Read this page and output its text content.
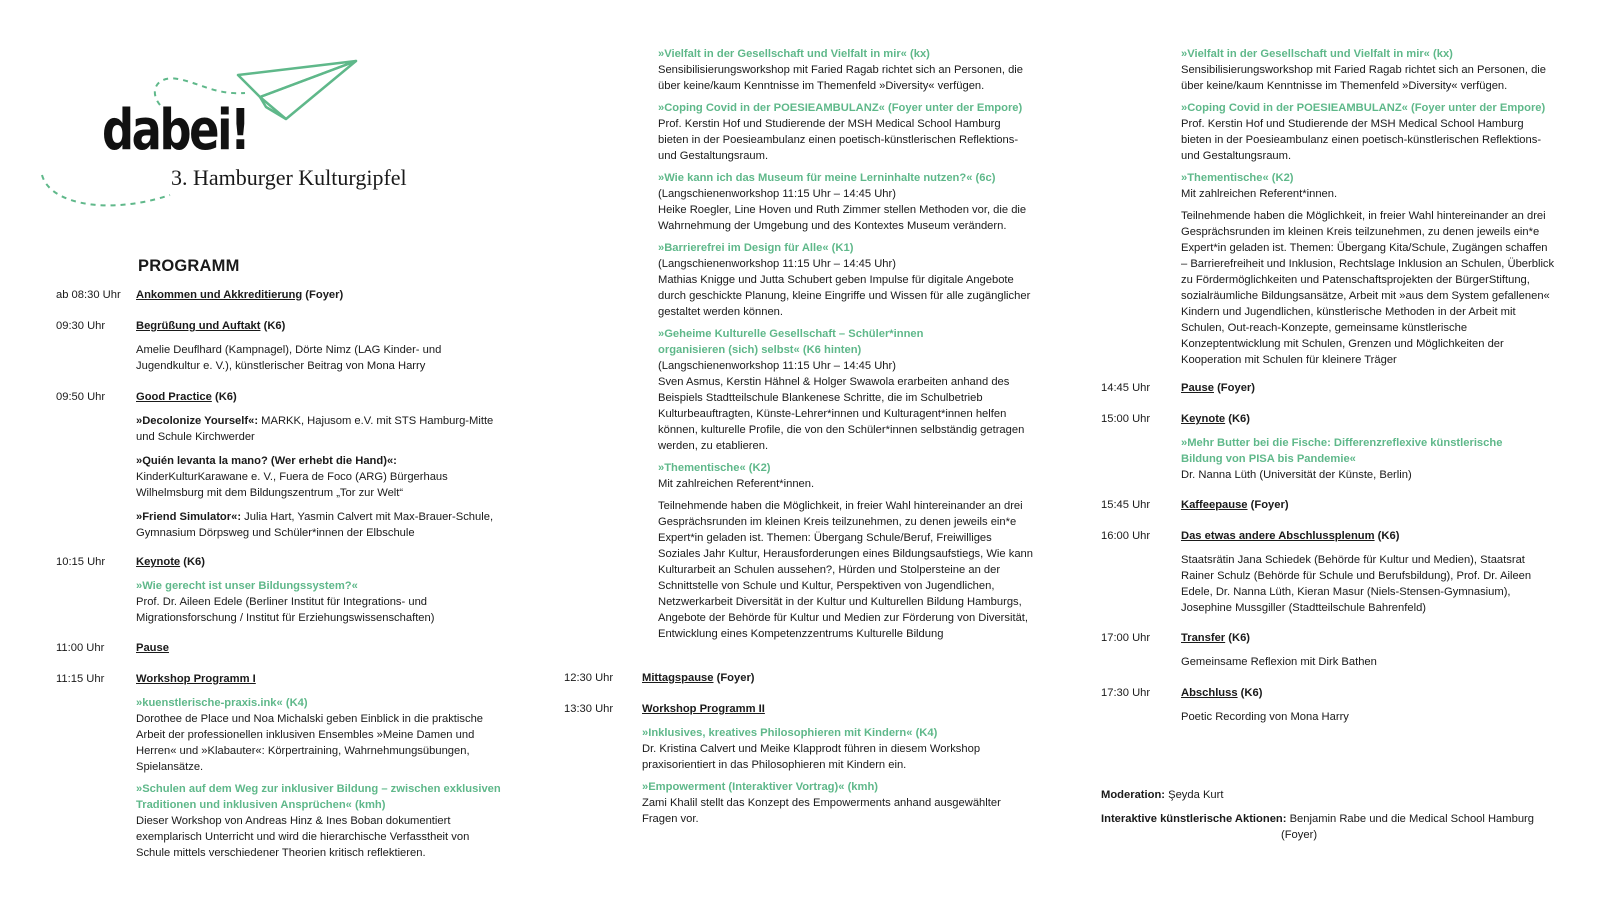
dabei!
3. Hamburger Kulturgipfel
PROGRAMM
ab 08:30 Uhr	Ankommen und Akkreditierung (Foyer)
09:30 Uhr	Begrüßung und Auftakt (K6)

Amelie Deuflhard (Kampnagel), Dörte Nimz (LAG Kinder- und Jugendkultur e. V.), künstlerischer Beitrag von Mona Harry

09:50 Uhr	Good Practice (K6)

»Decolonize Yourself«: MARKK, Hajusom e.V. mit STS Hamburg-Mitte und Schule Kirchwerder

»Quién levanta la mano? (Wer erhebt die Hand)«: KinderKulturKarawane e. V., Fuera de Foco (ARG) Bürgerhaus Wilhelmsburg mit dem Bildungszentrum „Tor zur Welt“

»Friend Simulator«: Julia Hart, Yasmin Calvert mit Max-Brauer-Schule, Gymnasium Dörpsweg und Schüler*innen der Elbschule

10:15 Uhr	Keynote (K6)

»Wie gerecht ist unser Bildungssystem?«

Prof. Dr. Aileen Edele (Berliner Institut für Integrations- und Migrationsforschung / Institut für Erziehungswissenschaften)

11:00 Uhr	Pause
11:15 Uhr	Workshop Programm I

»kuenstlerische-praxis.ink« (K4)

Dorothee de Place und Noa Michalski geben Einblick in die praktische Arbeit der professionellen inklusiven Ensembles »Meine Damen und Herren« und »Klabauter«: Körpertraining, Wahrnehmungsübungen, Spielansätze.

»Schulen auf dem Weg zur inklusiver Bildung – zwischen exklusiven Traditionen und inklusiven Ansprüchen« (kmh)

Dieser Workshop von Andreas Hinz & Ines Boban dokumentiert exemplarisch Unterricht und wird die hierarchische Verfasstheit von Schule mittels verschiedener Theorien kritisch reflektieren.

»Vielfalt in der Gesellschaft und Vielfalt in mir« (kx)

Sensibilisierungsworkshop mit Faried Ragab richtet sich an Personen, die über keine/kaum Kenntnisse im Themenfeld »Diversity« verfügen.

»Coping Covid in der POESIEAMBULANZ« (Foyer unter der Empore)

Prof. Kerstin Hof und Studierende der MSH Medical School Hamburg bieten in der Poesieambulanz einen poetisch-künstlerischen Reflektions- und Gestaltungsraum.

»Wie kann ich das Museum für meine Lerninhalte nutzen?« (6c)

(Langschienenworkshop 11:15 Uhr – 14:45 Uhr)

Heike Roegler, Line Hoven und Ruth Zimmer stellen Methoden vor, die die Wahrnehmung der Umgebung und des Kontextes Museum verändern.

»Barrierefrei im Design für Alle« (K1)

(Langschienenworkshop 11:15 Uhr – 14:45 Uhr)

Mathias Knigge und Jutta Schubert geben Impulse für digitale Angebote durch geschickte Planung, kleine Eingriffe und Wissen für alle zugänglicher gestaltet werden können.

»Geheime Kulturelle Gesellschaft – Schüler*innen organisieren (sich) selbst« (K6 hinten)

(Langschienenworkshop 11:15 Uhr – 14:45 Uhr)

Sven Asmus, Kerstin Hähnel & Holger Swawola erarbeiten anhand des Beispiels Stadtteilschule Blankenese Schritte, die im Schulbetrieb Kulturbeauftragten, Künste-Lehrer*innen und Kulturagent*innen helfen können, kulturelle Profile, die von den Schüler*innen selbständig getragen werden, zu etablieren.

»Thementische« (K2)

Mit zahlreichen Referent*innen.

Teilnehmende haben die Möglichkeit, in freier Wahl hintereinander an drei Gesprächsrunden im kleinen Kreis teilzunehmen, zu denen jeweils ein*e Expert*in geladen ist. Themen: Übergang Schule/Beruf, Freiwilliges Soziales Jahr Kultur, Herausforderungen eines Bildungsaufstiegs, Wie kann Kulturarbeit an Schulen aussehen?, Hürden und Stolpersteine an der Schnittstelle von Schule und Kultur, Perspektiven von Jugendlichen, Netzwerkarbeit Diversität in der Kultur und Kulturellen Bildung Hamburgs, Angebote der Behörde für Kultur und Medien zur Förderung von Diversität, Entwicklung eines Kompetenzzentrums Kulturelle Bildung

12:30 Uhr	Mittagspause (Foyer)
13:30 Uhr	Workshop Programm II

»Inklusives, kreatives Philosophieren mit Kindern« (K4)

Dr. Kristina Calvert und Meike Klapprodt führen in diesem Workshop praxisorientiert in das Philosophieren mit Kindern ein.

»Empowerment (Interaktiver Vortrag)« (kmh)

Zami Khalil stellt das Konzept des Empowerments anhand ausgewählter Fragen vor.

»Vielfalt in der Gesellschaft und Vielfalt in mir« (kx)

Sensibilisierungsworkshop mit Faried Ragab richtet sich an Personen, die über keine/kaum Kenntnisse im Themenfeld »Diversity« verfügen.

»Coping Covid in der POESIEAMBULANZ« (Foyer unter der Empore)

Prof. Kerstin Hof und Studierende der MSH Medical School Hamburg bieten in der Poesieambulanz einen poetisch-künstlerischen Reflektions- und Gestaltungsraum.

»Thementische« (K2)

Mit zahlreichen Referent*innen.

Teilnehmende haben die Möglichkeit, in freier Wahl hintereinander an drei Gesprächsrunden im kleinen Kreis teilzunehmen, zu denen jeweils ein*e Expert*in geladen ist. Themen: Übergang Kita/Schule, Zugängen schaffen – Barrierefreiheit und Inklusion, Rechtslage Inklusion an Schulen, Überblick zu Fördermöglichkeiten und Patenschaftsprojekten der BürgerStiftung, sozialräumliche Bildungsansätze, Arbeit mit »aus dem System gefallenen« Kindern und Jugendlichen, künstlerische Methoden in der Arbeit mit Schulen, Out-reach-Konzepte, gemeinsame künstlerische Konzeptentwicklung mit Schulen, Grenzen und Möglichkeiten der Kooperation mit Schulen für kleinere Träger

14:45 Uhr	Pause (Foyer)
15:00 Uhr	Keynote (K6)

»Mehr Butter bei die Fische: Differenzreflexive künstlerische Bildung von PISA bis Pandemie«

Dr. Nanna Lüth (Universität der Künste, Berlin)

15:45 Uhr	Kaffeepause (Foyer)
16:00 Uhr	Das etwas andere Abschlussplenum (K6)

Staatsrätin Jana Schiedek (Behörde für Kultur und Medien), Staatsrat Rainer Schulz (Behörde für Schule und Berufsbildung), Prof. Dr. Aileen Edele, Dr. Nanna Lüth, Kieran Masur (Niels-Stensen-Gymnasium), Josephine Mussgiller (Stadtteilschule Bahrenfeld)

17:00 Uhr	Transfer (K6)

Gemeinsame Reflexion mit Dirk Bathen

17:30 Uhr	Abschluss (K6)

Poetic Recording von Mona Harry

Moderation: Şeyda Kurt
Interaktive künstlerische Aktionen: Benjamin Rabe und die Medical School Hamburg
(Foyer)
